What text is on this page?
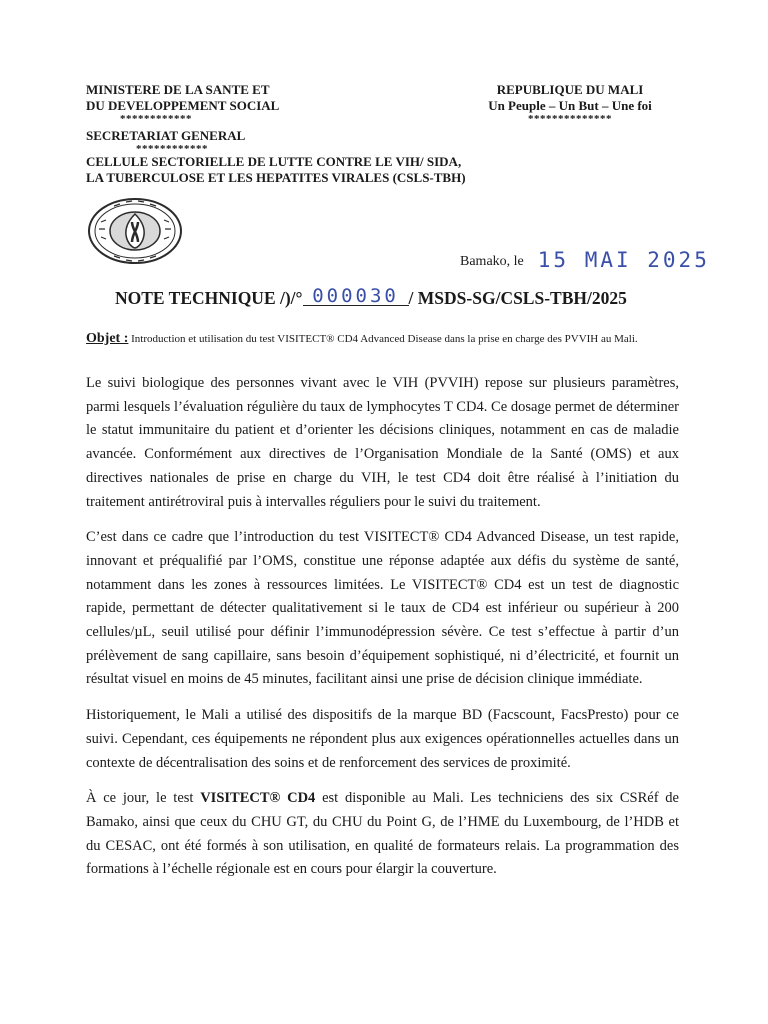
MINISTERE DE LA SANTE ET
DU DEVELOPPEMENT SOCIAL
************
SECRETARIAT GENERAL
************
CELLULE SECTORIELLE DE LUTTE CONTRE LE VIH/ SIDA,
LA TUBERCULOSE ET LES HEPATITES VIRALES (CSLS-TBH)
REPUBLIQUE DU MALI
Un Peuple – Un But – Une foi
**************
Bamako, le 15 MAI 2025
NOTE TECHNIQUE /)/° 000030 / MSDS-SG/CSLS-TBH/2025
Objet : Introduction et utilisation du test VISITECT® CD4 Advanced Disease dans la prise en charge des PVVIH au Mali.

Le suivi biologique des personnes vivant avec le VIH (PVVIH) repose sur plusieurs paramètres, parmi lesquels l’évaluation régulière du taux de lymphocytes T CD4. Ce dosage permet de déterminer le statut immunitaire du patient et d’orienter les décisions cliniques, notamment en cas de maladie avancée. Conformément aux directives de l’Organisation Mondiale de la Santé (OMS) et aux directives nationales de prise en charge du VIH, le test CD4 doit être réalisé à l’initiation du traitement antirétroviral puis à intervalles réguliers pour le suivi du traitement.

C’est dans ce cadre que l’introduction du test VISITECT® CD4 Advanced Disease, un test rapide, innovant et préqualifié par l’OMS, constitue une réponse adaptée aux défis du système de santé, notamment dans les zones à ressources limitées. Le VISITECT® CD4 est un test de diagnostic rapide, permettant de détecter qualitativement si le taux de CD4 est inférieur ou supérieur à 200 cellules/µL, seuil utilisé pour définir l’immunodépression sévère. Ce test s’effectue à partir d’un prélèvement de sang capillaire, sans besoin d’équipement sophistiqué, ni d’électricité, et fournit un résultat visuel en moins de 45 minutes, facilitant ainsi une prise de décision clinique immédiate.

Historiquement, le Mali a utilisé des dispositifs de la marque BD (Facscount, FacsPresto) pour ce suivi. Cependant, ces équipements ne répondent plus aux exigences opérationnelles actuelles dans un contexte de décentralisation des soins et de renforcement des services de proximité.

À ce jour, le test VISITECT® CD4 est disponible au Mali. Les techniciens des six CSRéf de Bamako, ainsi que ceux du CHU GT, du CHU du Point G, de l’HME du Luxembourg, de l’HDB et du CESAC, ont été formés à son utilisation, en qualité de formateurs relais. La programmation des formations à l’échelle régionale est en cours pour élargir la couverture.
